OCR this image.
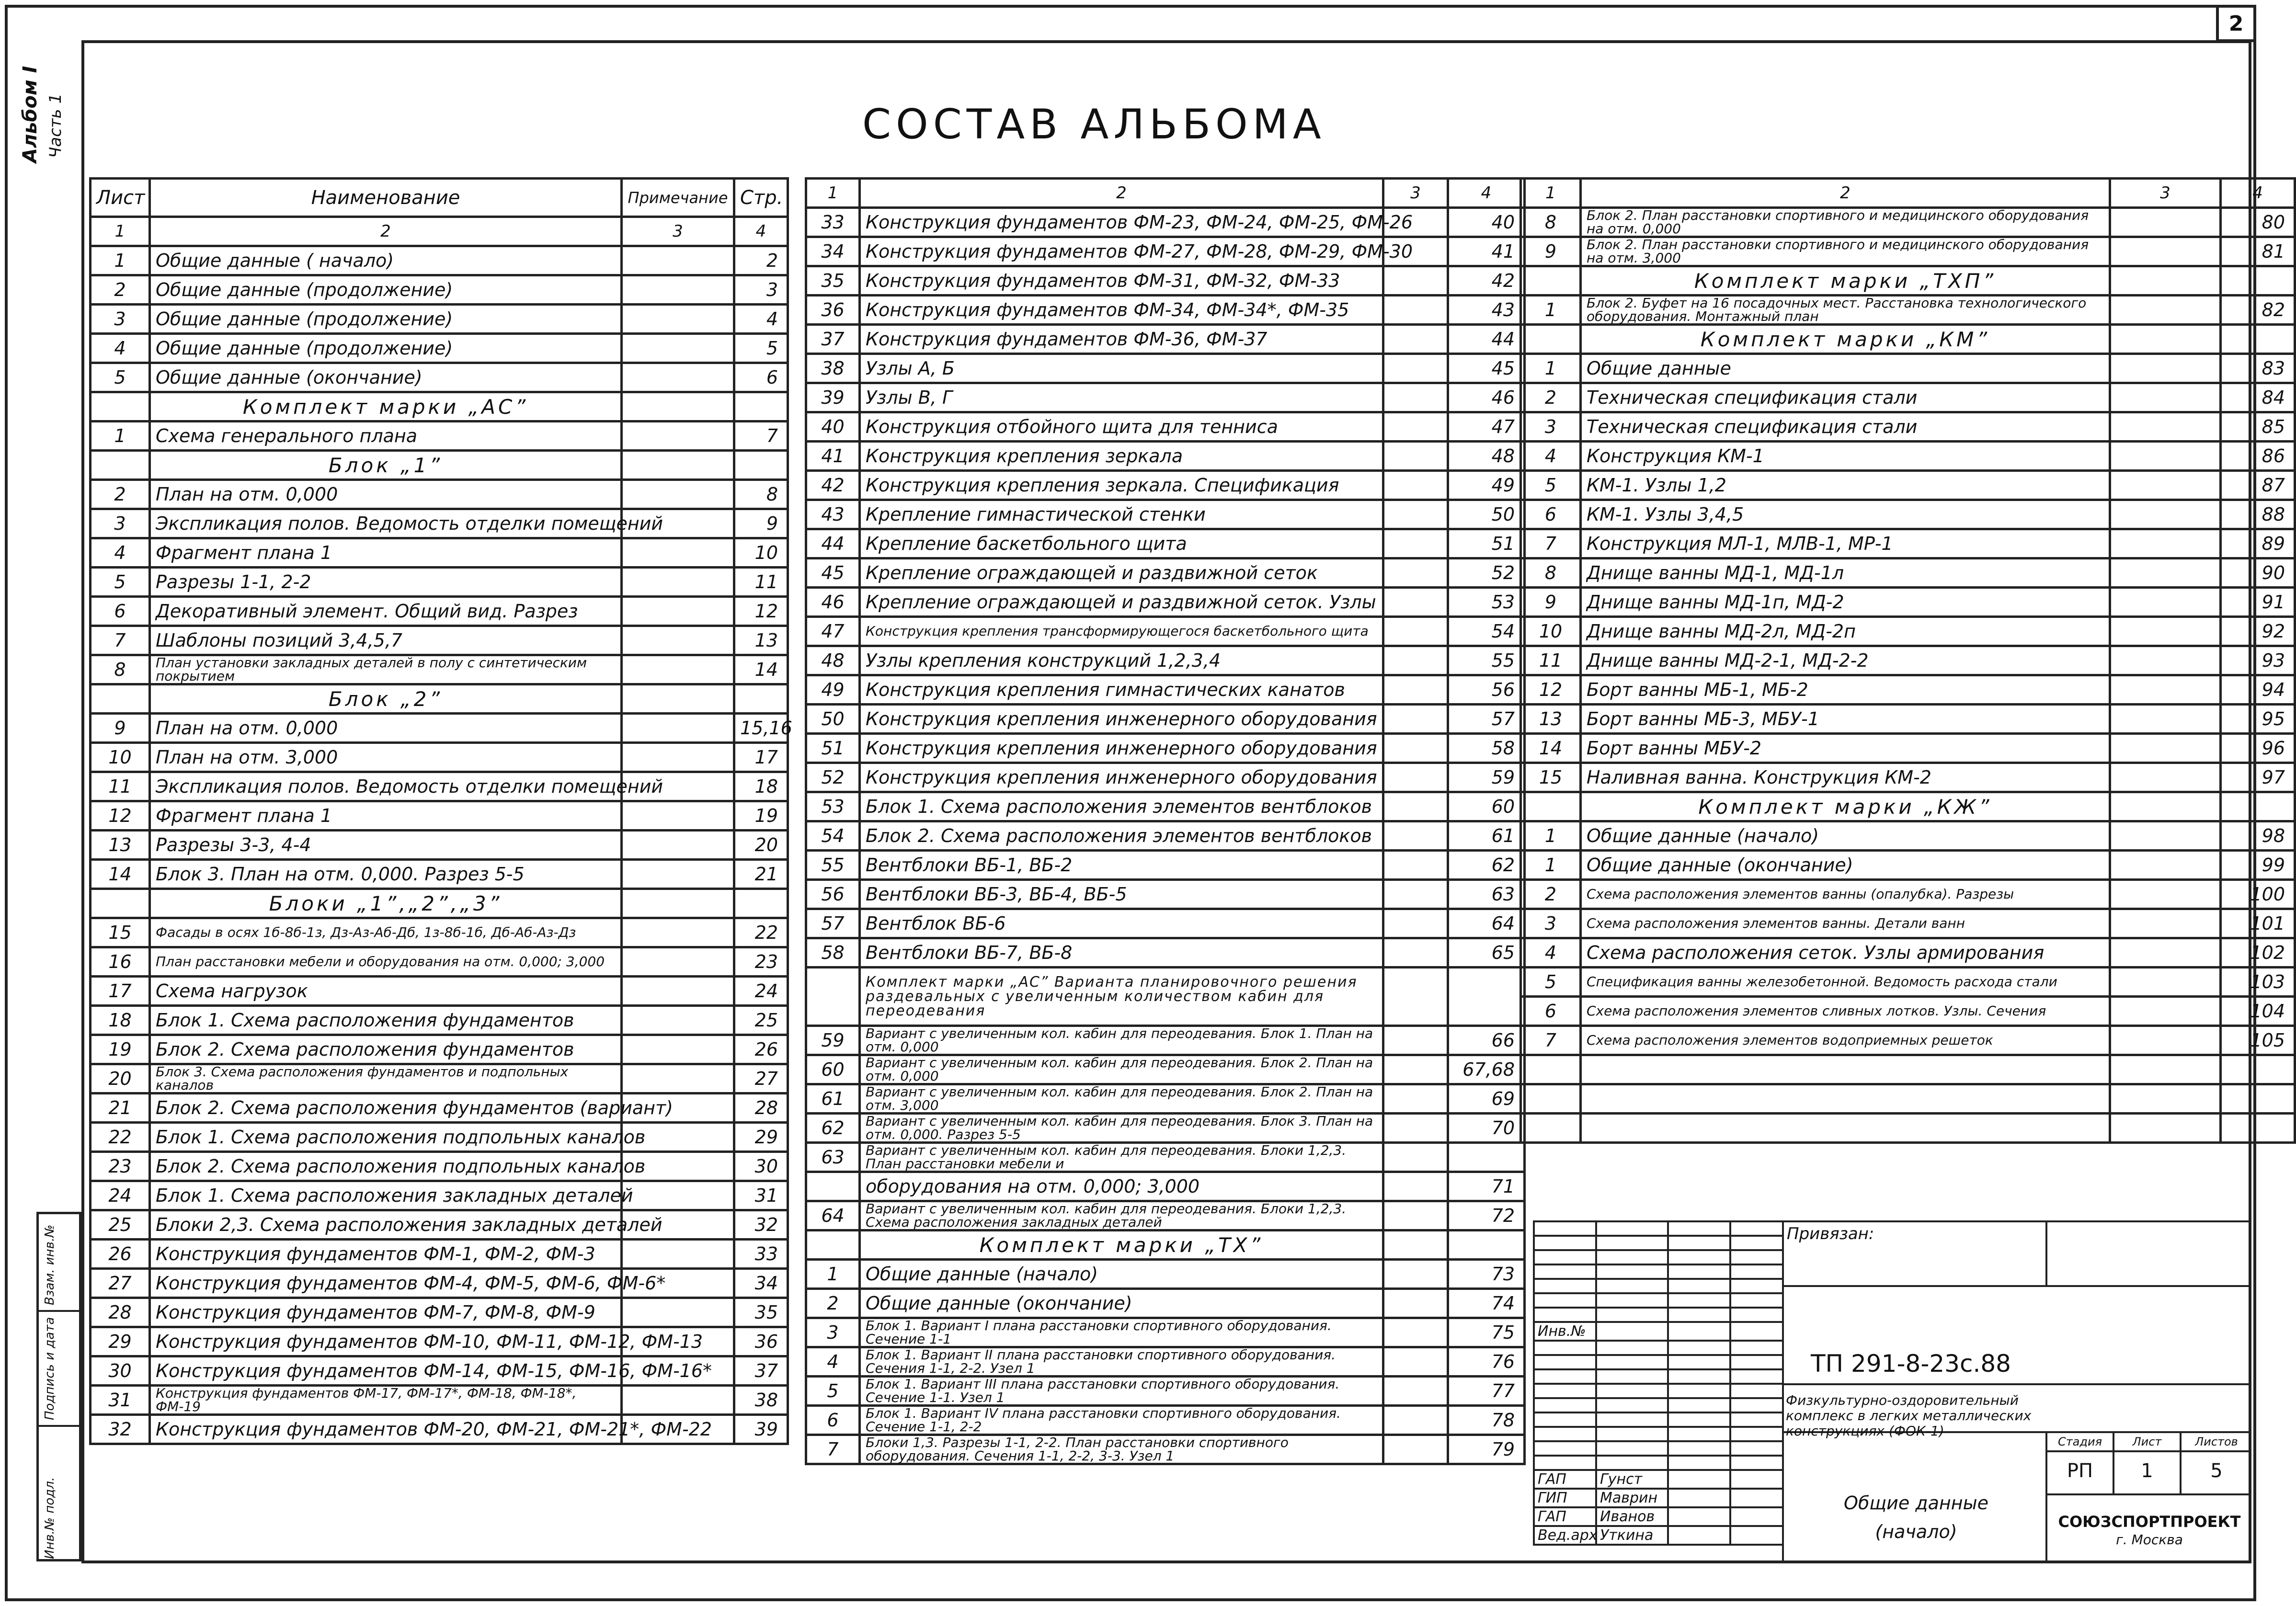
2
Альбом I
Часть 1
Взам. инв.№
Подпись и дата
Инв.№ подл.
СОСТАВ АЛЬБОМА
Лист	Наименование	Примечание	Стр.
1	2	3	4
1	Общие данные ( начало)		2
2	Общие данные (продолжение)		3
3	Общие данные (продолжение)		4
4	Общие данные (продолжение)		5
5	Общие данные (окончание)		6
	Комплект марки „АС”		
1	Схема генерального плана		7
	Блок „1”		
2	План на отм. 0,000		8
3	Экспликация полов. Ведомость отделки помещений		9
4	Фрагмент плана 1		10
5	Разрезы 1-1, 2-2		11
6	Декоративный элемент. Общий вид. Разрез		12
7	Шаблоны позиций 3,4,5,7		13
8	План установки закладных деталей в полу с синтетическим покрытием		14
	Блок „2”		
9	План на отм. 0,000		15,16
10	План на отм. 3,000		17
11	Экспликация полов. Ведомость отделки помещений		18
12	Фрагмент плана 1		19
13	Разрезы 3-3, 4-4		20
14	Блок 3. План на отм. 0,000. Разрез 5-5		21
	Блоки „1”,„2”,„3”		
15	Фасады в осях 1б-8б-1з, Дз-Аз-Аб-Дб, 1з-8б-1б, Дб-Аб-Аз-Дз		22
16	План расстановки мебели и оборудования на отм. 0,000; 3,000		23
17	Схема нагрузок		24
18	Блок 1. Схема расположения фундаментов		25
19	Блок 2. Схема расположения фундаментов		26
20	Блок 3. Схема расположения фундаментов и подпольных каналов		27
21	Блок 2. Схема расположения фундаментов (вариант)		28
22	Блок 1. Схема расположения подпольных каналов		29
23	Блок 2. Схема расположения подпольных каналов		30
24	Блок 1. Схема расположения закладных деталей		31
25	Блоки 2,3. Схема расположения закладных деталей		32
26	Конструкция фундаментов ФМ-1, ФМ-2, ФМ-3		33
27	Конструкция фундаментов ФМ-4, ФМ-5, ФМ-6, ФМ-6*		34
28	Конструкция фундаментов ФМ-7, ФМ-8, ФМ-9		35
29	Конструкция фундаментов ФМ-10, ФМ-11, ФМ-12, ФМ-13		36
30	Конструкция фундаментов ФМ-14, ФМ-15, ФМ-16, ФМ-16*		37
31	Конструкция фундаментов ФМ-17, ФМ-17*, ФМ-18, ФМ-18*, ФМ-19		38
32	Конструкция фундаментов ФМ-20, ФМ-21, ФМ-21*, ФМ-22		39
1	2	3	4
33	Конструкция фундаментов ФМ-23, ФМ-24, ФМ-25, ФМ-26		40
34	Конструкция фундаментов ФМ-27, ФМ-28, ФМ-29, ФМ-30		41
35	Конструкция фундаментов ФМ-31, ФМ-32, ФМ-33		42
36	Конструкция фундаментов ФМ-34, ФМ-34*, ФМ-35		43
37	Конструкция фундаментов ФМ-36, ФМ-37		44
38	Узлы А, Б		45
39	Узлы В, Г		46
40	Конструкция отбойного щита для тенниса		47
41	Конструкция крепления зеркала		48
42	Конструкция крепления зеркала. Спецификация		49
43	Крепление гимнастической стенки		50
44	Крепление баскетбольного щита		51
45	Крепление ограждающей и раздвижной сеток		52
46	Крепление ограждающей и раздвижной сеток. Узлы		53
47	Конструкция крепления трансформирующегося баскетбольного щита		54
48	Узлы крепления конструкций 1,2,3,4		55
49	Конструкция крепления гимнастических канатов		56
50	Конструкция крепления инженерного оборудования		57
51	Конструкция крепления инженерного оборудования		58
52	Конструкция крепления инженерного оборудования		59
53	Блок 1. Схема расположения элементов вентблоков		60
54	Блок 2. Схема расположения элементов вентблоков		61
55	Вентблоки ВБ-1, ВБ-2		62
56	Вентблоки ВБ-3, ВБ-4, ВБ-5		63
57	Вентблок ВБ-6		64
58	Вентблоки ВБ-7, ВБ-8		65
	Комплект марки „АС” Варианта планировочного решения раздевальных с увеличенным количеством кабин для переодевания		
59	Вариант с увеличенным кол. кабин для переодевания. Блок 1. План на отм. 0,000		66
60	Вариант с увеличенным кол. кабин для переодевания. Блок 2. План на отм. 0,000		67,68
61	Вариант с увеличенным кол. кабин для переодевания. Блок 2. План на отм. 3,000		69
62	Вариант с увеличенным кол. кабин для переодевания. Блок 3. План на отм. 0,000. Разрез 5-5		70
63	Вариант с увеличенным кол. кабин для переодевания. Блоки 1,2,3. План расстановки мебели и		
	оборудования на отм. 0,000; 3,000		71
64	Вариант с увеличенным кол. кабин для переодевания. Блоки 1,2,3. Схема расположения закладных деталей		72
	Комплект марки „ТХ”		
1	Общие данные (начало)		73
2	Общие данные (окончание)		74
3	Блок 1. Вариант I плана расстановки спортивного оборудования. Сечение 1-1		75
4	Блок 1. Вариант II плана расстановки спортивного оборудования. Сечения 1-1, 2-2. Узел 1		76
5	Блок 1. Вариант III плана расстановки спортивного оборудования. Сечение 1-1. Узел 1		77
6	Блок 1. Вариант IV плана расстановки спортивного оборудования. Сечение 1-1, 2-2		78
7	Блоки 1,3. Разрезы 1-1, 2-2. План расстановки спортивного оборудования. Сечения 1-1, 2-2, 3-3. Узел 1		79
1	2	3	4
8	Блок 2. План расстановки спортивного и медицинского оборудования на отм. 0,000		80
9	Блок 2. План расстановки спортивного и медицинского оборудования на отм. 3,000		81
	Комплект марки „ТХП”		
1	Блок 2. Буфет на 16 посадочных мест. Расстановка технологического оборудования. Монтажный план		82
	Комплект марки „КМ”		
1	Общие данные		83
2	Техническая спецификация стали		84
3	Техническая спецификация стали		85
4	Конструкция КМ-1		86
5	КМ-1. Узлы 1,2		87
6	КМ-1. Узлы 3,4,5		88
7	Конструкция МЛ-1, МЛВ-1, МР-1		89
8	Днище ванны МД-1, МД-1л		90
9	Днище ванны МД-1п, МД-2		91
10	Днище ванны МД-2л, МД-2п		92
11	Днище ванны МД-2-1, МД-2-2		93
12	Борт ванны МБ-1, МБ-2		94
13	Борт ванны МБ-3, МБУ-1		95
14	Борт ванны МБУ-2		96
15	Наливная ванна. Конструкция КМ-2		97
	Комплект марки „КЖ”		
1	Общие данные (начало)		98
1	Общие данные (окончание)		99
2	Схема расположения элементов ванны (опалубка). Разрезы		100
3	Схема расположения элементов ванны. Детали ванн		101
4	Схема расположения сеток. Узлы армирования		102
5	Спецификация ванны железобетонной. Ведомость расхода стали		103
6	Схема расположения элементов сливных лотков. Узлы. Сечения		104
7	Схема расположения элементов водоприемных решеток		105

Инв.№			

ГАП	Гунст		
ГИП	Маврин		
ГАП	Иванов		
Вед.арх	Уткина		
Привязан:
ТП 291-8-23с.88
Физкультурно-оздоровительный комплекс в легких металлических конструкциях (ФОК-1)
Стадия	Лист	Листов
РП	1	5
Общие данные (начало)	СОЮЗСПОРТПРОЕКТ
г. Москва
